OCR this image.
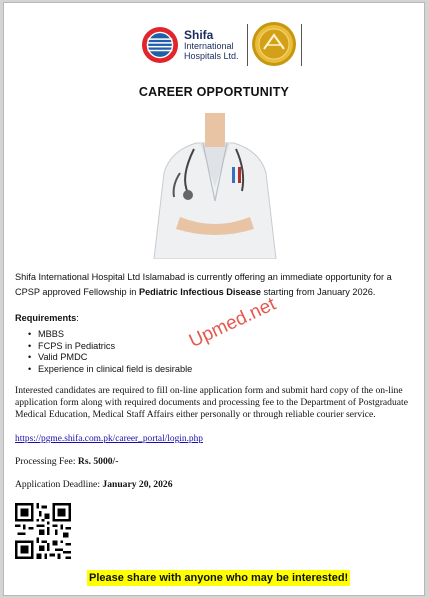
Shifa
International
Hospitals Ltd.
CAREER OPPORTUNITY

Shifa International Hospital Ltd Islamabad is currently offering an immediate opportunity for a CPSP approved Fellowship in Pediatric Infectious Disease starting from January 2026.

Requirements:
• MBBS
• FCPS in Pediatrics
• Valid PMDC
• Experience in clinical field is desirable
Upmed.net

Interested candidates are required to fill on-line application form and submit hard copy of the on-line application form along with required documents and processing fee to the Department of Postgraduate Medical Education, Medical Staff Affairs either personally or through reliable courier service.

https://pgme.shifa.com.pk/career_portal/login.php
Processing Fee: Rs. 5000/-
Application Deadline: January 20, 2026
Please share with anyone who may be interested!
